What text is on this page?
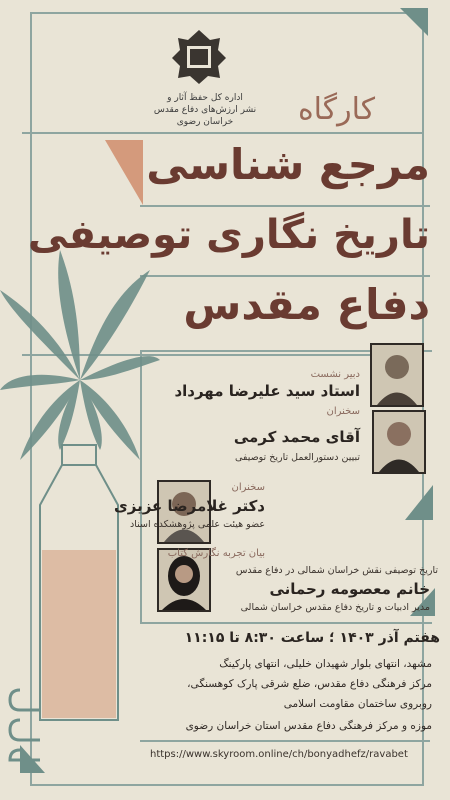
اداره کل حفظ آثار و
نشر ارزش‌های دفاع مقدس
خراسان رضوی	کارگاه
مرجع شناسی
تاریخ نگاری توصیفی
دفاع مقدس
دبیر نشست
استاد سید علیرضا مهرداد
سخنران
آقای محمد کرمی
تبیین دستورالعمل تاریخ توصیفی
سخنران
دکتر غلامرضا عزیزی
عضو هیئت علمی پژوهشکده اسناد
بیان تجربه نگارش کتاب
تاریخ توصیفی نقش خراسان شمالی در دفاع مقدس
خانم معصومه رحمانی
مدیر ادبیات و تاریخ دفاع مقدس خراسان شمالی
هفتم آذر ۱۴۰۳ ؛ ساعت ۸:۳۰ تا ۱۱:۱۵
مشهد، انتهای بلوار شهیدان خلیلی، انتهای پارکینگ
مرکز فرهنگی دفاع مقدس، ضلع شرقی پارک کوهسنگی،
روبروی ساختمان مقاومت اسلامی
موزه و مرکز فرهنگی دفاع مقدس استان خراسان رضوی
https://www.skyroom.online/ch/bonyadhefz/ravabet
